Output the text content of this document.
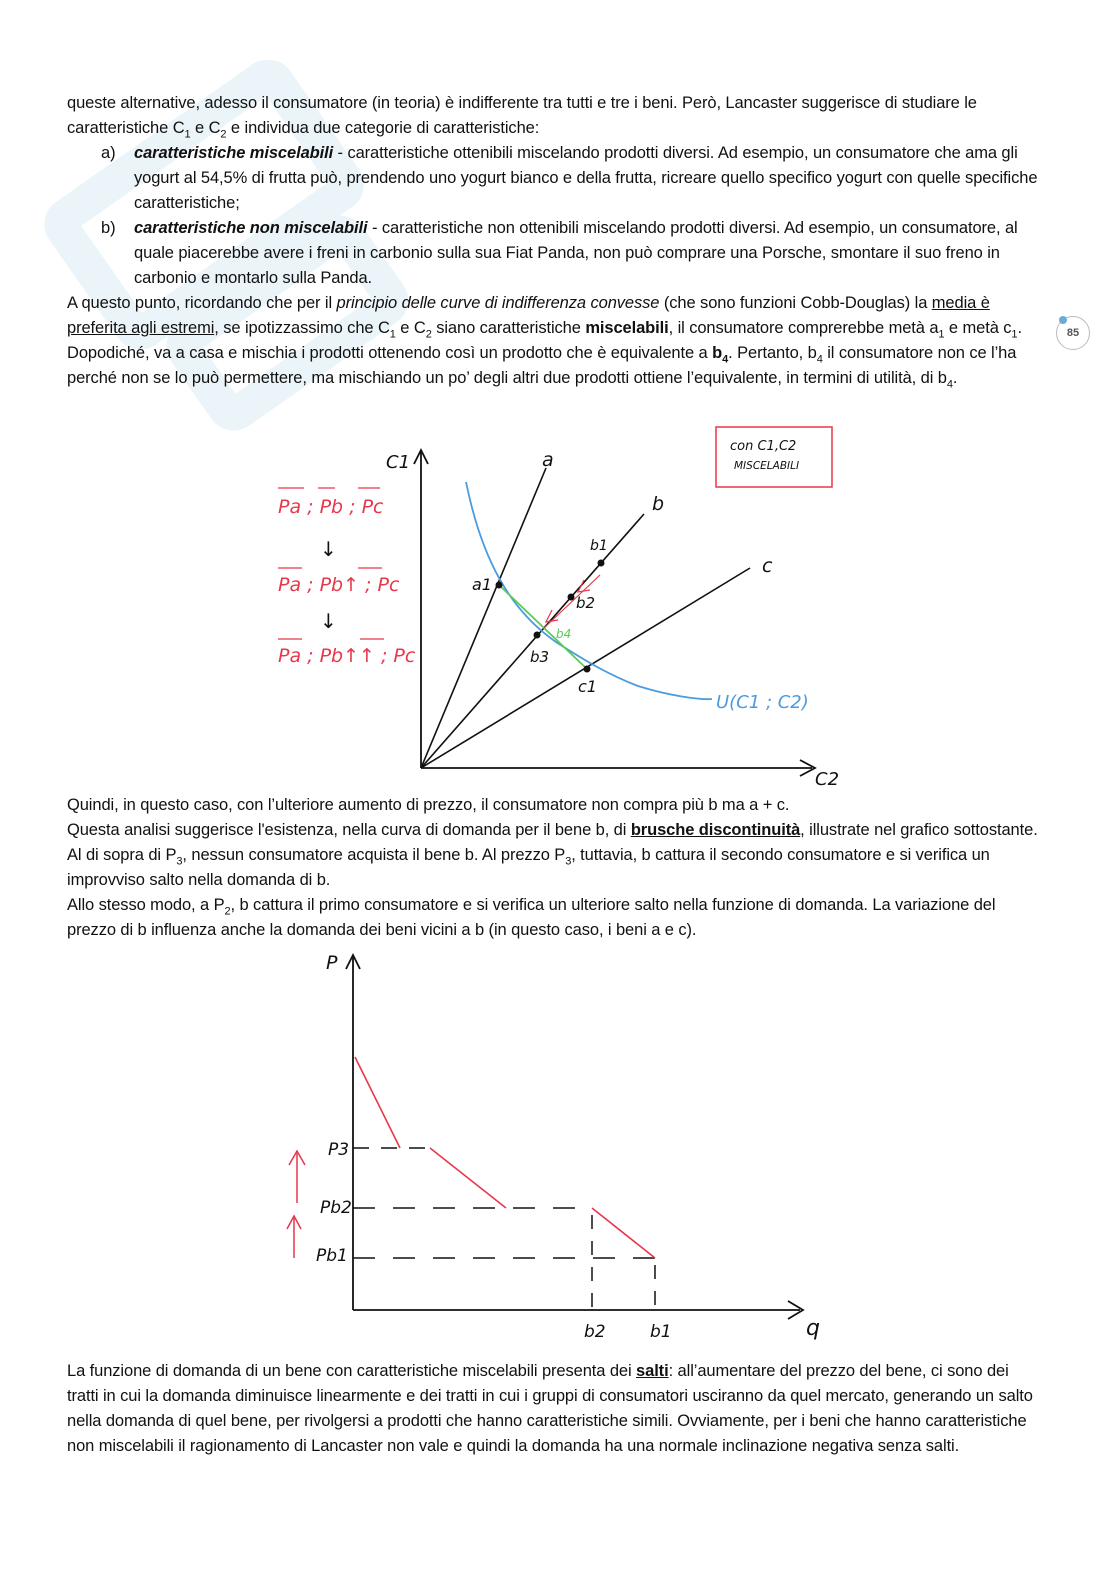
queste alternative, adesso il consumatore (in teoria) è indifferente tra tutti e tre i beni. Però, Lancaster suggerisce di studiare le caratteristiche $C_1$ e $C_2$ e individua due categorie di caratteristiche:

a)	caratteristiche miscelabili - caratteristiche ottenibili miscelando prodotti diversi. Ad esempio, un consumatore che ama gli yogurt al 54,5% di frutta può, prendendo uno yogurt bianco e della frutta, ricreare quello specifico yogurt con quelle specifiche caratteristiche;
b)	caratteristiche non miscelabili - caratteristiche non ottenibili miscelando prodotti diversi. Ad esempio, un consumatore, al quale piacerebbe avere i freni in carbonio sulla sua Fiat Panda, non può comprare una Porsche, smontare il suo freno in carbonio e montarlo sulla Panda.

A questo punto, ricordando che per il principio delle curve di indifferenza convesse (che sono funzioni Cobb-Douglas) la media è preferita agli estremi, se ipotizzassimo che $C_1$ e $C_2$ siano caratteristiche miscelabili, il consumatore comprerebbe metà $a_1$ e metà $c_1$. Dopodiché, va a casa e mischia i prodotti ottenendo così un prodotto che è equivalente a $b_4$. Pertanto, $b_4$ il consumatore non ce l’ha perché non se lo può permettere, ma mischiando un po’ degli altri due prodotti ottiene l’equivalente, in termini di utilità, di $b_4$.

85
con C1,C2
MISCELABILI
Pa ; Pb ; Pc
↓
Pa ; Pb↑ ; Pc
↓
Pa ; Pb↑↑ ; Pc
C1
C2
a
b
c
U(C1 ; C2)
a1
b1
b2
b3
b4
c1

Quindi, in questo caso, con l’ulteriore aumento di prezzo, il consumatore non compra più b ma a + c.

Questa analisi suggerisce l'esistenza, nella curva di domanda per il bene b, di brusche discontinuità, illustrate nel grafico sottostante. Al di sopra di $P_3$, nessun consumatore acquista il bene b. Al prezzo $P_3$, tuttavia, b cattura il secondo consumatore e si verifica un improvviso salto nella domanda di b.

Allo stesso modo, a $P_2$, b cattura il primo consumatore e si verifica un ulteriore salto nella funzione di domanda. La variazione del prezzo di b influenza anche la domanda dei beni vicini a b (in questo caso, i beni a e c).

P
q
P3
Pb2
Pb1
b2	b1

La funzione di domanda di un bene con caratteristiche miscelabili presenta dei salti: all’aumentare del prezzo del bene, ci sono dei tratti in cui la domanda diminuisce linearmente e dei tratti in cui i gruppi di consumatori usciranno da quel mercato, generando un salto nella domanda di quel bene, per rivolgersi a prodotti che hanno caratteristiche simili. Ovviamente, per i beni che hanno caratteristiche non miscelabili il ragionamento di Lancaster non vale e quindi la domanda ha una normale inclinazione negativa senza salti.
